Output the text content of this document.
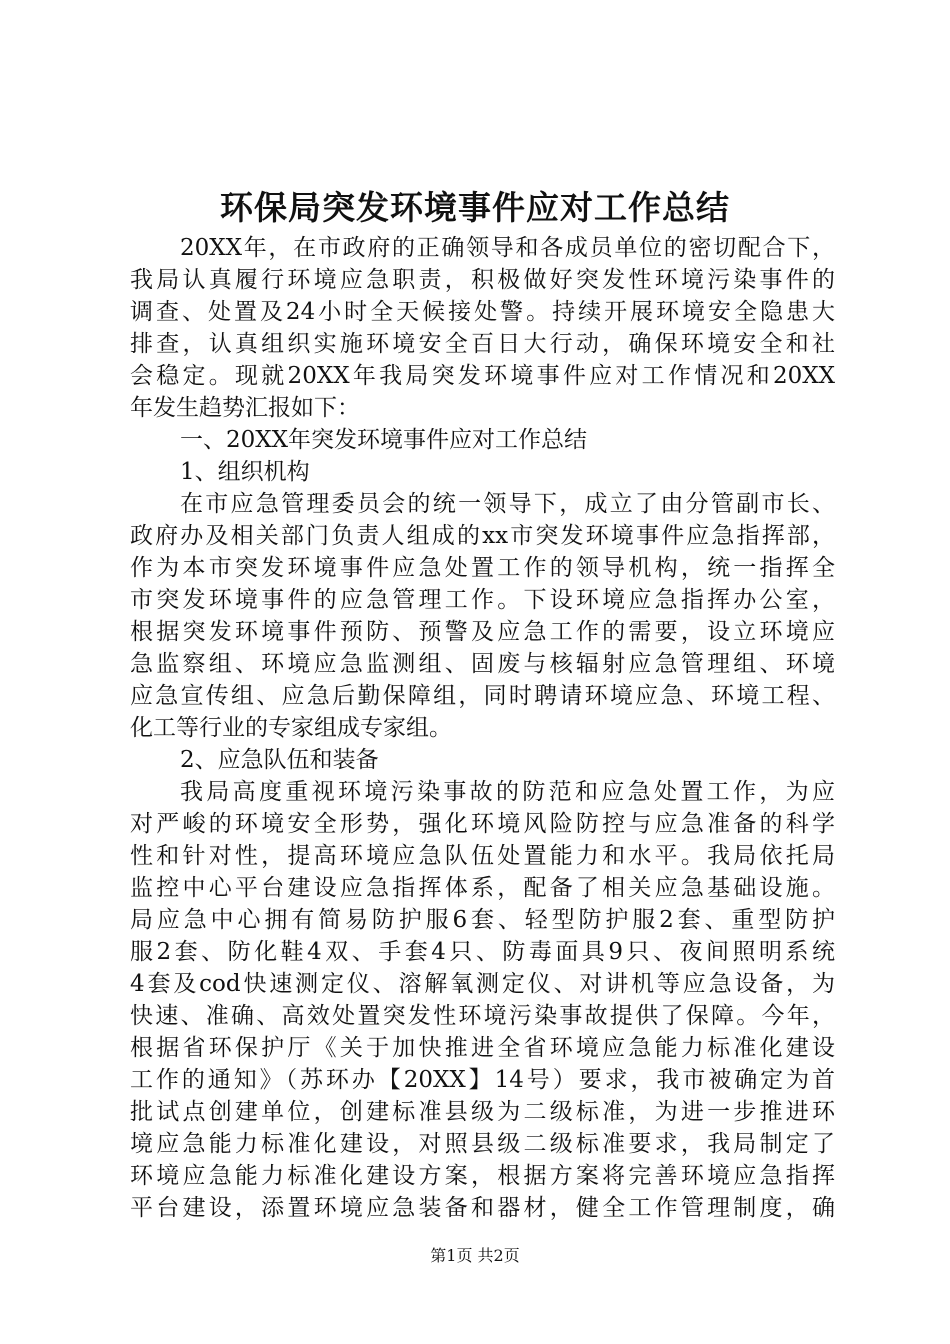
环保局突发环境事件应对工作总结
20XX年，在市政府的正确领导和各成员单位的密切配合下，
我局认真履行环境应急职责，积极做好突发性环境污染事件的
调查、处置及24小时全天候接处警。持续开展环境安全隐患大
排查，认真组织实施环境安全百日大行动，确保环境安全和社
会稳定。现就20XX年我局突发环境事件应对工作情况和20XX
年发生趋势汇报如下：
一、20XX年突发环境事件应对工作总结
1、组织机构
在市应急管理委员会的统一领导下，成立了由分管副市长、
政府办及相关部门负责人组成的xx市突发环境事件应急指挥部，
作为本市突发环境事件应急处置工作的领导机构，统一指挥全
市突发环境事件的应急管理工作。下设环境应急指挥办公室，
根据突发环境事件预防、预警及应急工作的需要，设立环境应
急监察组、环境应急监测组、固废与核辐射应急管理组、环境
应急宣传组、应急后勤保障组，同时聘请环境应急、环境工程、
化工等行业的专家组成专家组。
2、应急队伍和装备
我局高度重视环境污染事故的防范和应急处置工作，为应
对严峻的环境安全形势，强化环境风险防控与应急准备的科学
性和针对性，提高环境应急队伍处置能力和水平。我局依托局
监控中心平台建设应急指挥体系，配备了相关应急基础设施。
局应急中心拥有简易防护服6套、轻型防护服2套、重型防护
服2套、防化鞋4双、手套4只、防毒面具9只、夜间照明系统
4套及cod快速测定仪、溶解氧测定仪、对讲机等应急设备，为
快速、准确、高效处置突发性环境污染事故提供了保障。今年，
根据省环保护厅《关于加快推进全省环境应急能力标准化建设
工作的通知》（苏环办【20XX】14号）要求，我市被确定为首
批试点创建单位，创建标准县级为二级标准，为进一步推进环
境应急能力标准化建设，对照县级二级标准要求，我局制定了
环境应急能力标准化建设方案，根据方案将完善环境应急指挥
平台建设，添置环境应急装备和器材，健全工作管理制度，确
第1页 共2页
